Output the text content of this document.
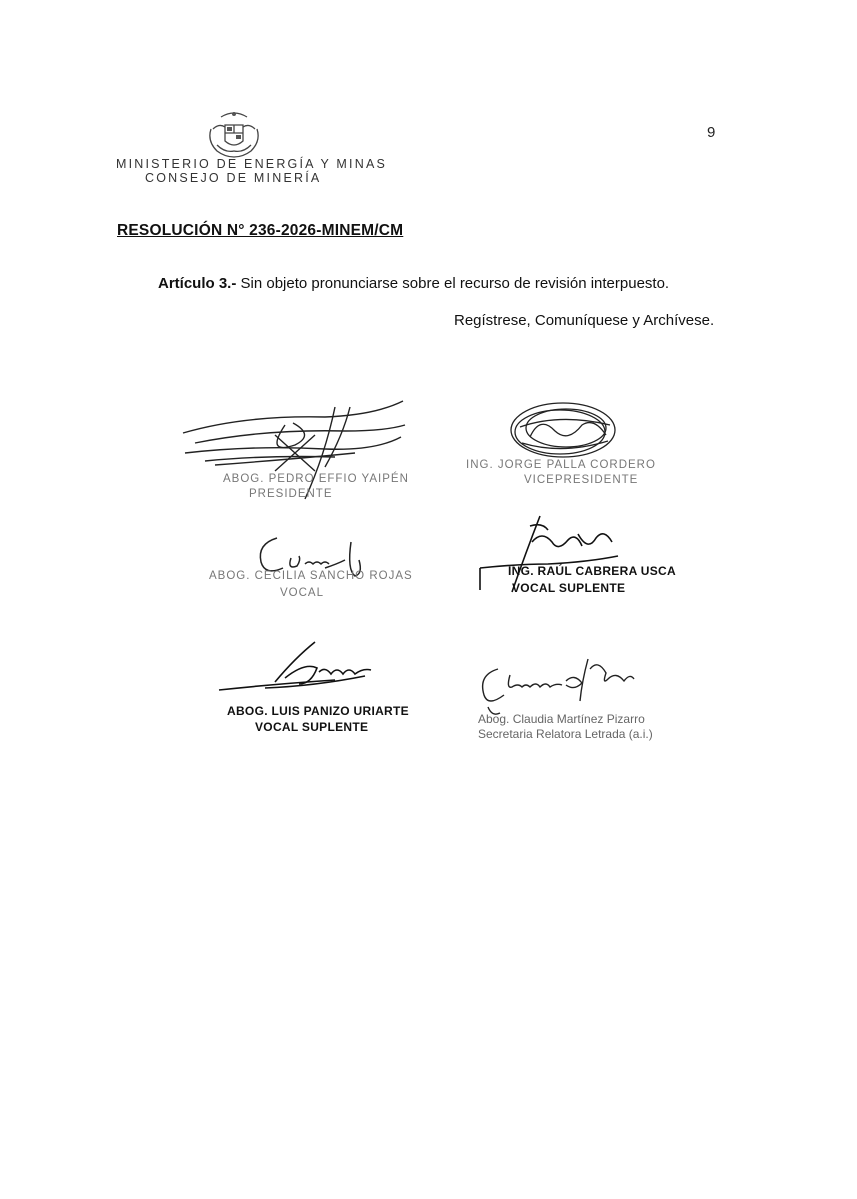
9
MINISTERIO DE ENERGÍA Y MINAS
CONSEJO DE MINERÍA
RESOLUCIÓN N° 236-2026-MINEM/CM
Artículo 3.- Sin objeto pronunciarse sobre el recurso de revisión interpuesto.
Regístrese, Comuníquese y Archívese.
ABOG. PEDRO EFFIO YAIPÉN
PRESIDENTE
ING. JORGE PALLA CORDERO
VICEPRESIDENTE
ABOG. CECILIA SANCHO ROJAS
VOCAL
ING. RAÚL CABRERA USCA
VOCAL SUPLENTE
ABOG. LUIS PANIZO URIARTE
VOCAL SUPLENTE
Abog. Claudia Martínez Pizarro
Secretaria Relatora Letrada (a.i.)
